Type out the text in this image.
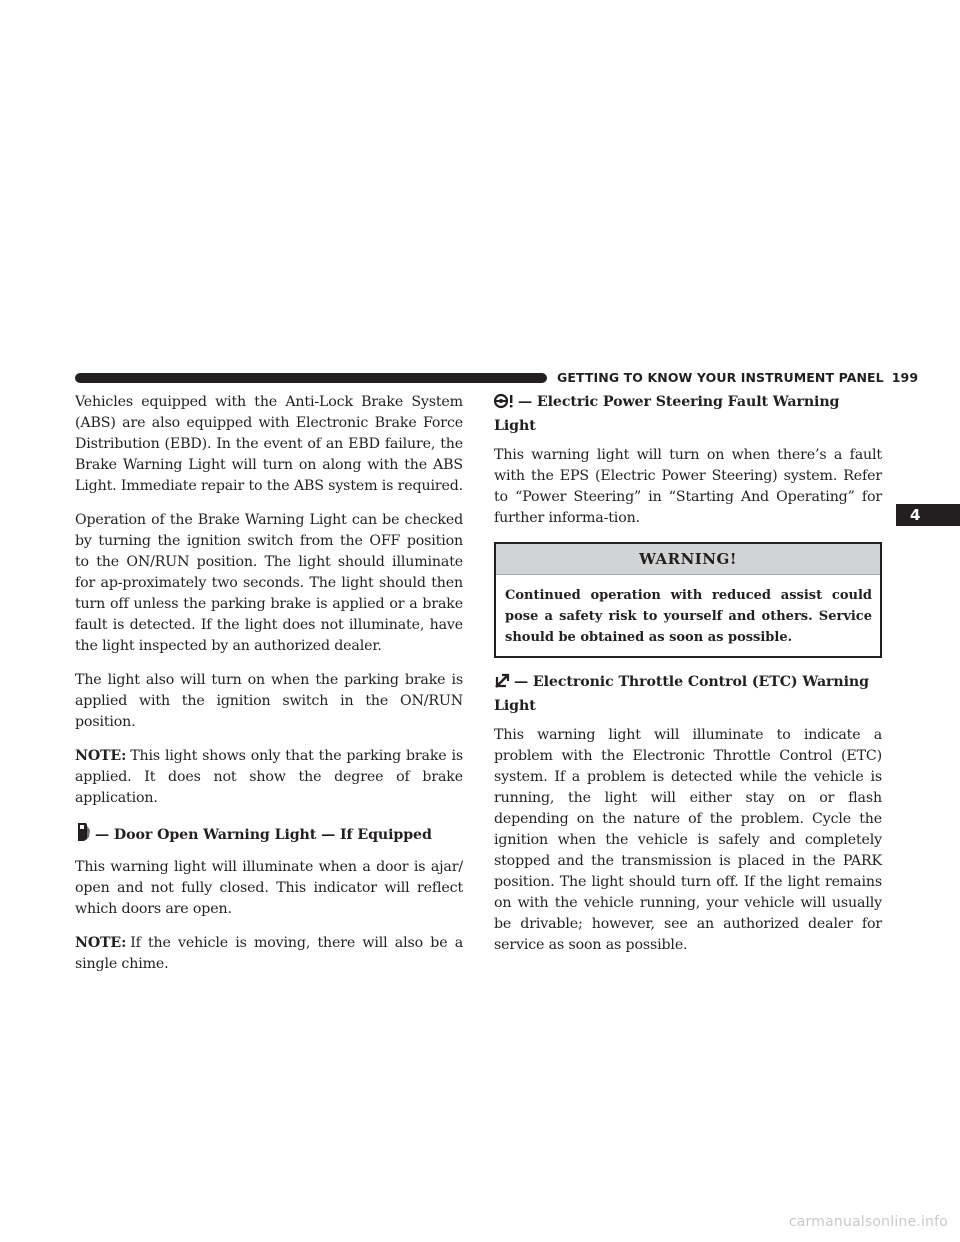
GETTING TO KNOW YOUR INSTRUMENT PANEL 199
4

Vehicles equipped with the Anti-Lock Brake System (ABS) are also equipped with Electronic Brake Force Distribution (EBD). In the event of an EBD failure, the Brake Warning Light will turn on along with the ABS Light. Immediate repair to the ABS system is required.

Operation of the Brake Warning Light can be checked by turning the ignition switch from the OFF position to the ON/RUN position. The light should illuminate for ap-proximately two seconds. The light should then turn off unless the parking brake is applied or a brake fault is detected. If the light does not illuminate, have the light inspected by an authorized dealer.

The light also will turn on when the parking brake is applied with the ignition switch in the ON/RUN position.

NOTE: This light shows only that the parking brake is applied. It does not show the degree of brake application.

— Door Open Warning Light — If Equipped

This warning light will illuminate when a door is ajar/ open and not fully closed. This indicator will reflect which doors are open.

NOTE: If the vehicle is moving, there will also be a single chime.

— Electric Power Steering Fault Warning Light

This warning light will turn on when there’s a fault with the EPS (Electric Power Steering) system. Refer to “Power Steering” in “Starting And Operating” for further informa-tion.

WARNING!
Continued operation with reduced assist could pose a safety risk to yourself and others. Service should be obtained as soon as possible.
— Electronic Throttle Control (ETC) Warning Light

This warning light will illuminate to indicate a problem with the Electronic Throttle Control (ETC) system. If a problem is detected while the vehicle is running, the light will either stay on or flash depending on the nature of the problem. Cycle the ignition when the vehicle is safely and completely stopped and the transmission is placed in the PARK position. The light should turn off. If the light remains on with the vehicle running, your vehicle will usually be drivable; however, see an authorized dealer for service as soon as possible.

carmanualsonline.info
